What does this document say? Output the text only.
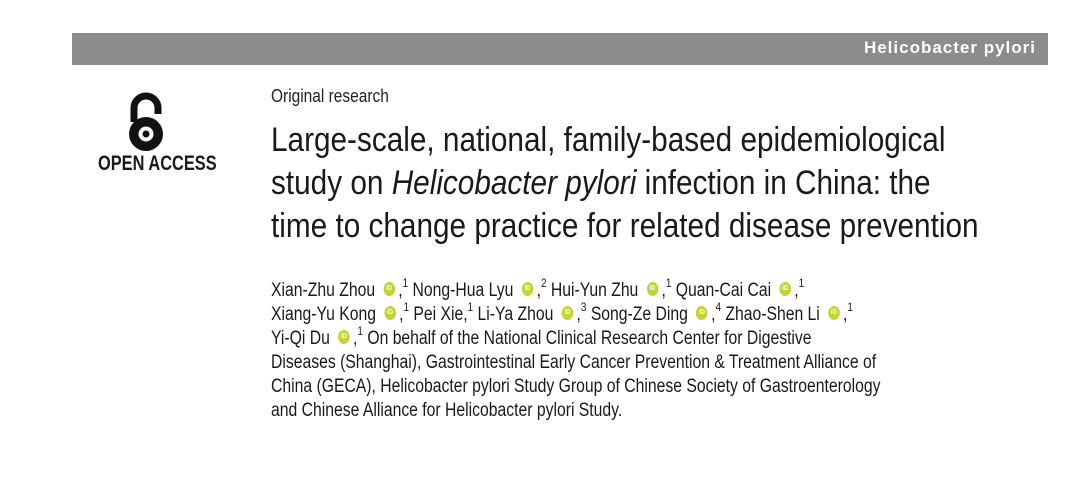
Helicobacter pylori
OPEN ACCESS
Original research
Large-scale, national, family-based epidemiological
study on Helicobacter pylori infection in China: the
time to change practice for related disease prevention
Xian-Zhu Zhou iD ,$^1$ Nong-Hua Lyu iD ,$^2$ Hui-Yun Zhu iD ,$^1$ Quan-Cai Cai iD ,$^1$
Xiang-Yu Kong iD ,$^1$ Pei Xie,$^1$ Li-Ya Zhou iD ,$^3$ Song-Ze Ding iD ,$^4$ Zhao-Shen Li iD ,$^1$
Yi-Qi Du iD ,$^1$ On behalf of the National Clinical Research Center for Digestive
Diseases (Shanghai), Gastrointestinal Early Cancer Prevention & Treatment Alliance of
China (GECA), Helicobacter pylori Study Group of Chinese Society of Gastroenterology
and Chinese Alliance for Helicobacter pylori Study.
